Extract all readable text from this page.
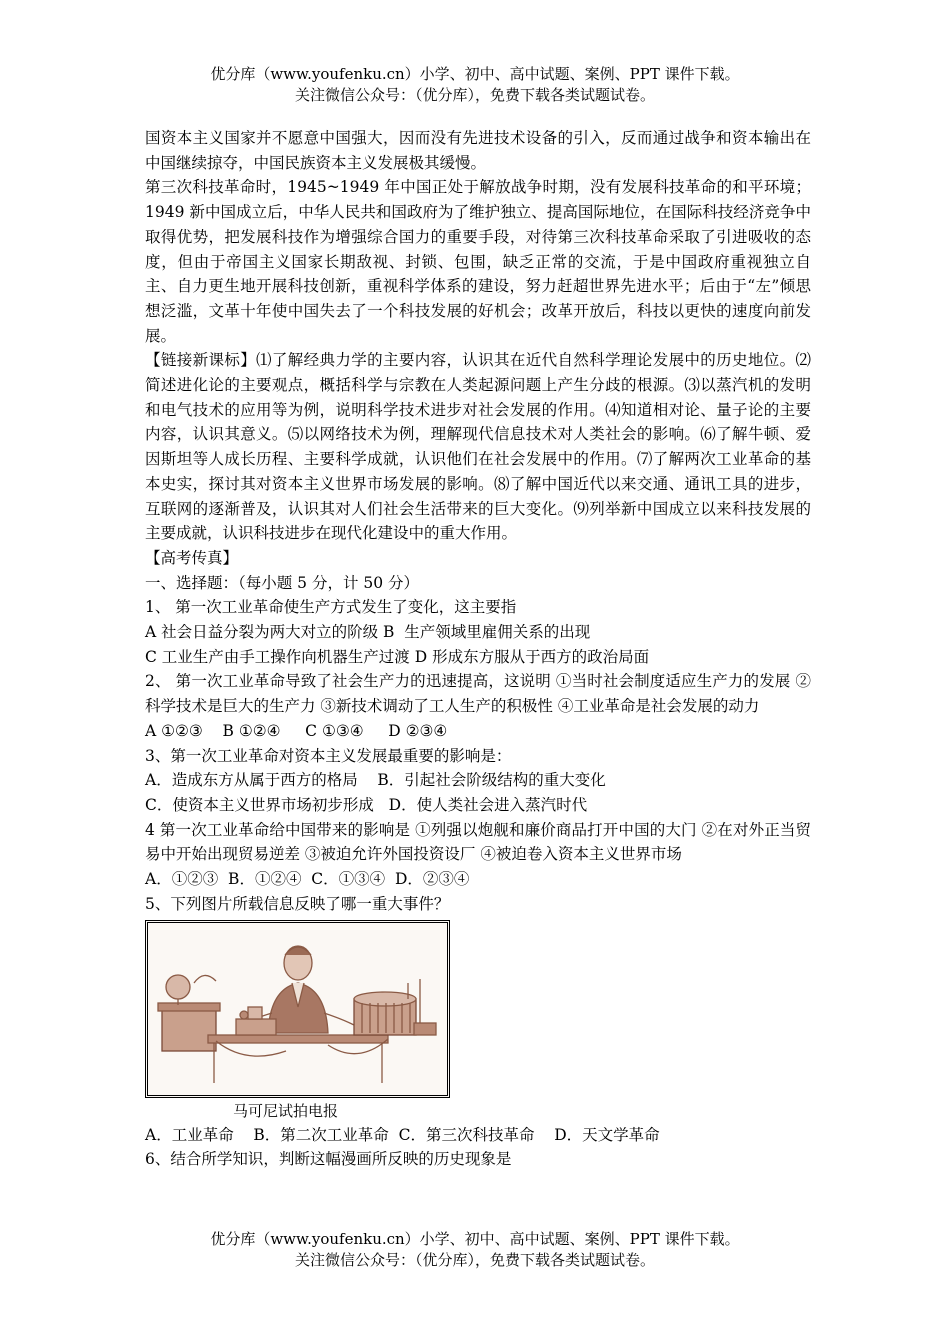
优分库（www.youfenku.cn）小学、初中、高中试题、案例、PPT 课件下载。
关注微信公众号：（优分库），免费下载各类试题试卷。

国资本主义国家并不愿意中国强大，因而没有先进技术设备的引入，反而通过战争和资本输出在中国继续掠夺，中国民族资本主义发展极其缓慢。

第三次科技革命时，1945~1949 年中国正处于解放战争时期，没有发展科技革命的和平环境；1949 新中国成立后，中华人民共和国政府为了维护独立、提高国际地位，在国际科技经济竞争中取得优势，把发展科技作为增强综合国力的重要手段，对待第三次科技革命采取了引进吸收的态度，但由于帝国主义国家长期敌视、封锁、包围，缺乏正常的交流，于是中国政府重视独立自主、自力更生地开展科技创新，重视科学体系的建设，努力赶超世界先进水平；后由于“左”倾思想泛滥，文革十年使中国失去了一个科技发展的好机会；改革开放后，科技以更快的速度向前发展。

【链接新课标】⑴了解经典力学的主要内容，认识其在近代自然科学理论发展中的历史地位。⑵简述进化论的主要观点，概括科学与宗教在人类起源问题上产生分歧的根源。⑶以蒸汽机的发明和电气技术的应用等为例，说明科学技术进步对社会发展的作用。⑷知道相对论、量子论的主要内容，认识其意义。⑸以网络技术为例，理解现代信息技术对人类社会的影响。⑹了解牛顿、爱因斯坦等人成长历程、主要科学成就，认识他们在社会发展中的作用。⑺了解两次工业革命的基本史实，探讨其对资本主义世界市场发展的影响。⑻了解中国近代以来交通、通讯工具的进步，互联网的逐渐普及，认识其对人们社会生活带来的巨大变化。⑼列举新中国成立以来科技发展的主要成就，认识科技进步在现代化建设中的重大作用。

【高考传真】

一、选择题：（每小题 5 分，计 50 分）

1、 第一次工业革命使生产方式发生了变化，这主要指

A 社会日益分裂为两大对立的阶级 B  生产领域里雇佣关系的出现

C 工业生产由手工操作向机器生产过渡 D 形成东方服从于西方的政治局面

2、 第一次工业革命导致了社会生产力的迅速提高，这说明 ①当时社会制度适应生产力的发展 ②科学技术是巨大的生产力 ③新技术调动了工人生产的积极性 ④工业革命是社会发展的动力

A ①②③    B ①②④     C ①③④     D ②③④

3、第一次工业革命对资本主义发展最重要的影响是：

A．造成东方从属于西方的格局    B．引起社会阶级结构的重大变化

C．使资本主义世界市场初步形成   D．使人类社会进入蒸汽时代

4 第一次工业革命给中国带来的影响是 ①列强以炮舰和廉价商品打开中国的大门 ②在对外正当贸易中开始出现贸易逆差 ③被迫允许外国投资设厂 ④被迫卷入资本主义世界市场

A．①②③  B．①②④  C．①③④  D．②③④

5、下列图片所载信息反映了哪一重大事件？

马可尼试拍电报

A．工业革命    B．第二次工业革命  C．第三次科技革命    D．天文学革命

6、结合所学知识，判断这幅漫画所反映的历史现象是

优分库（www.youfenku.cn）小学、初中、高中试题、案例、PPT 课件下载。
关注微信公众号：（优分库），免费下载各类试题试卷。
